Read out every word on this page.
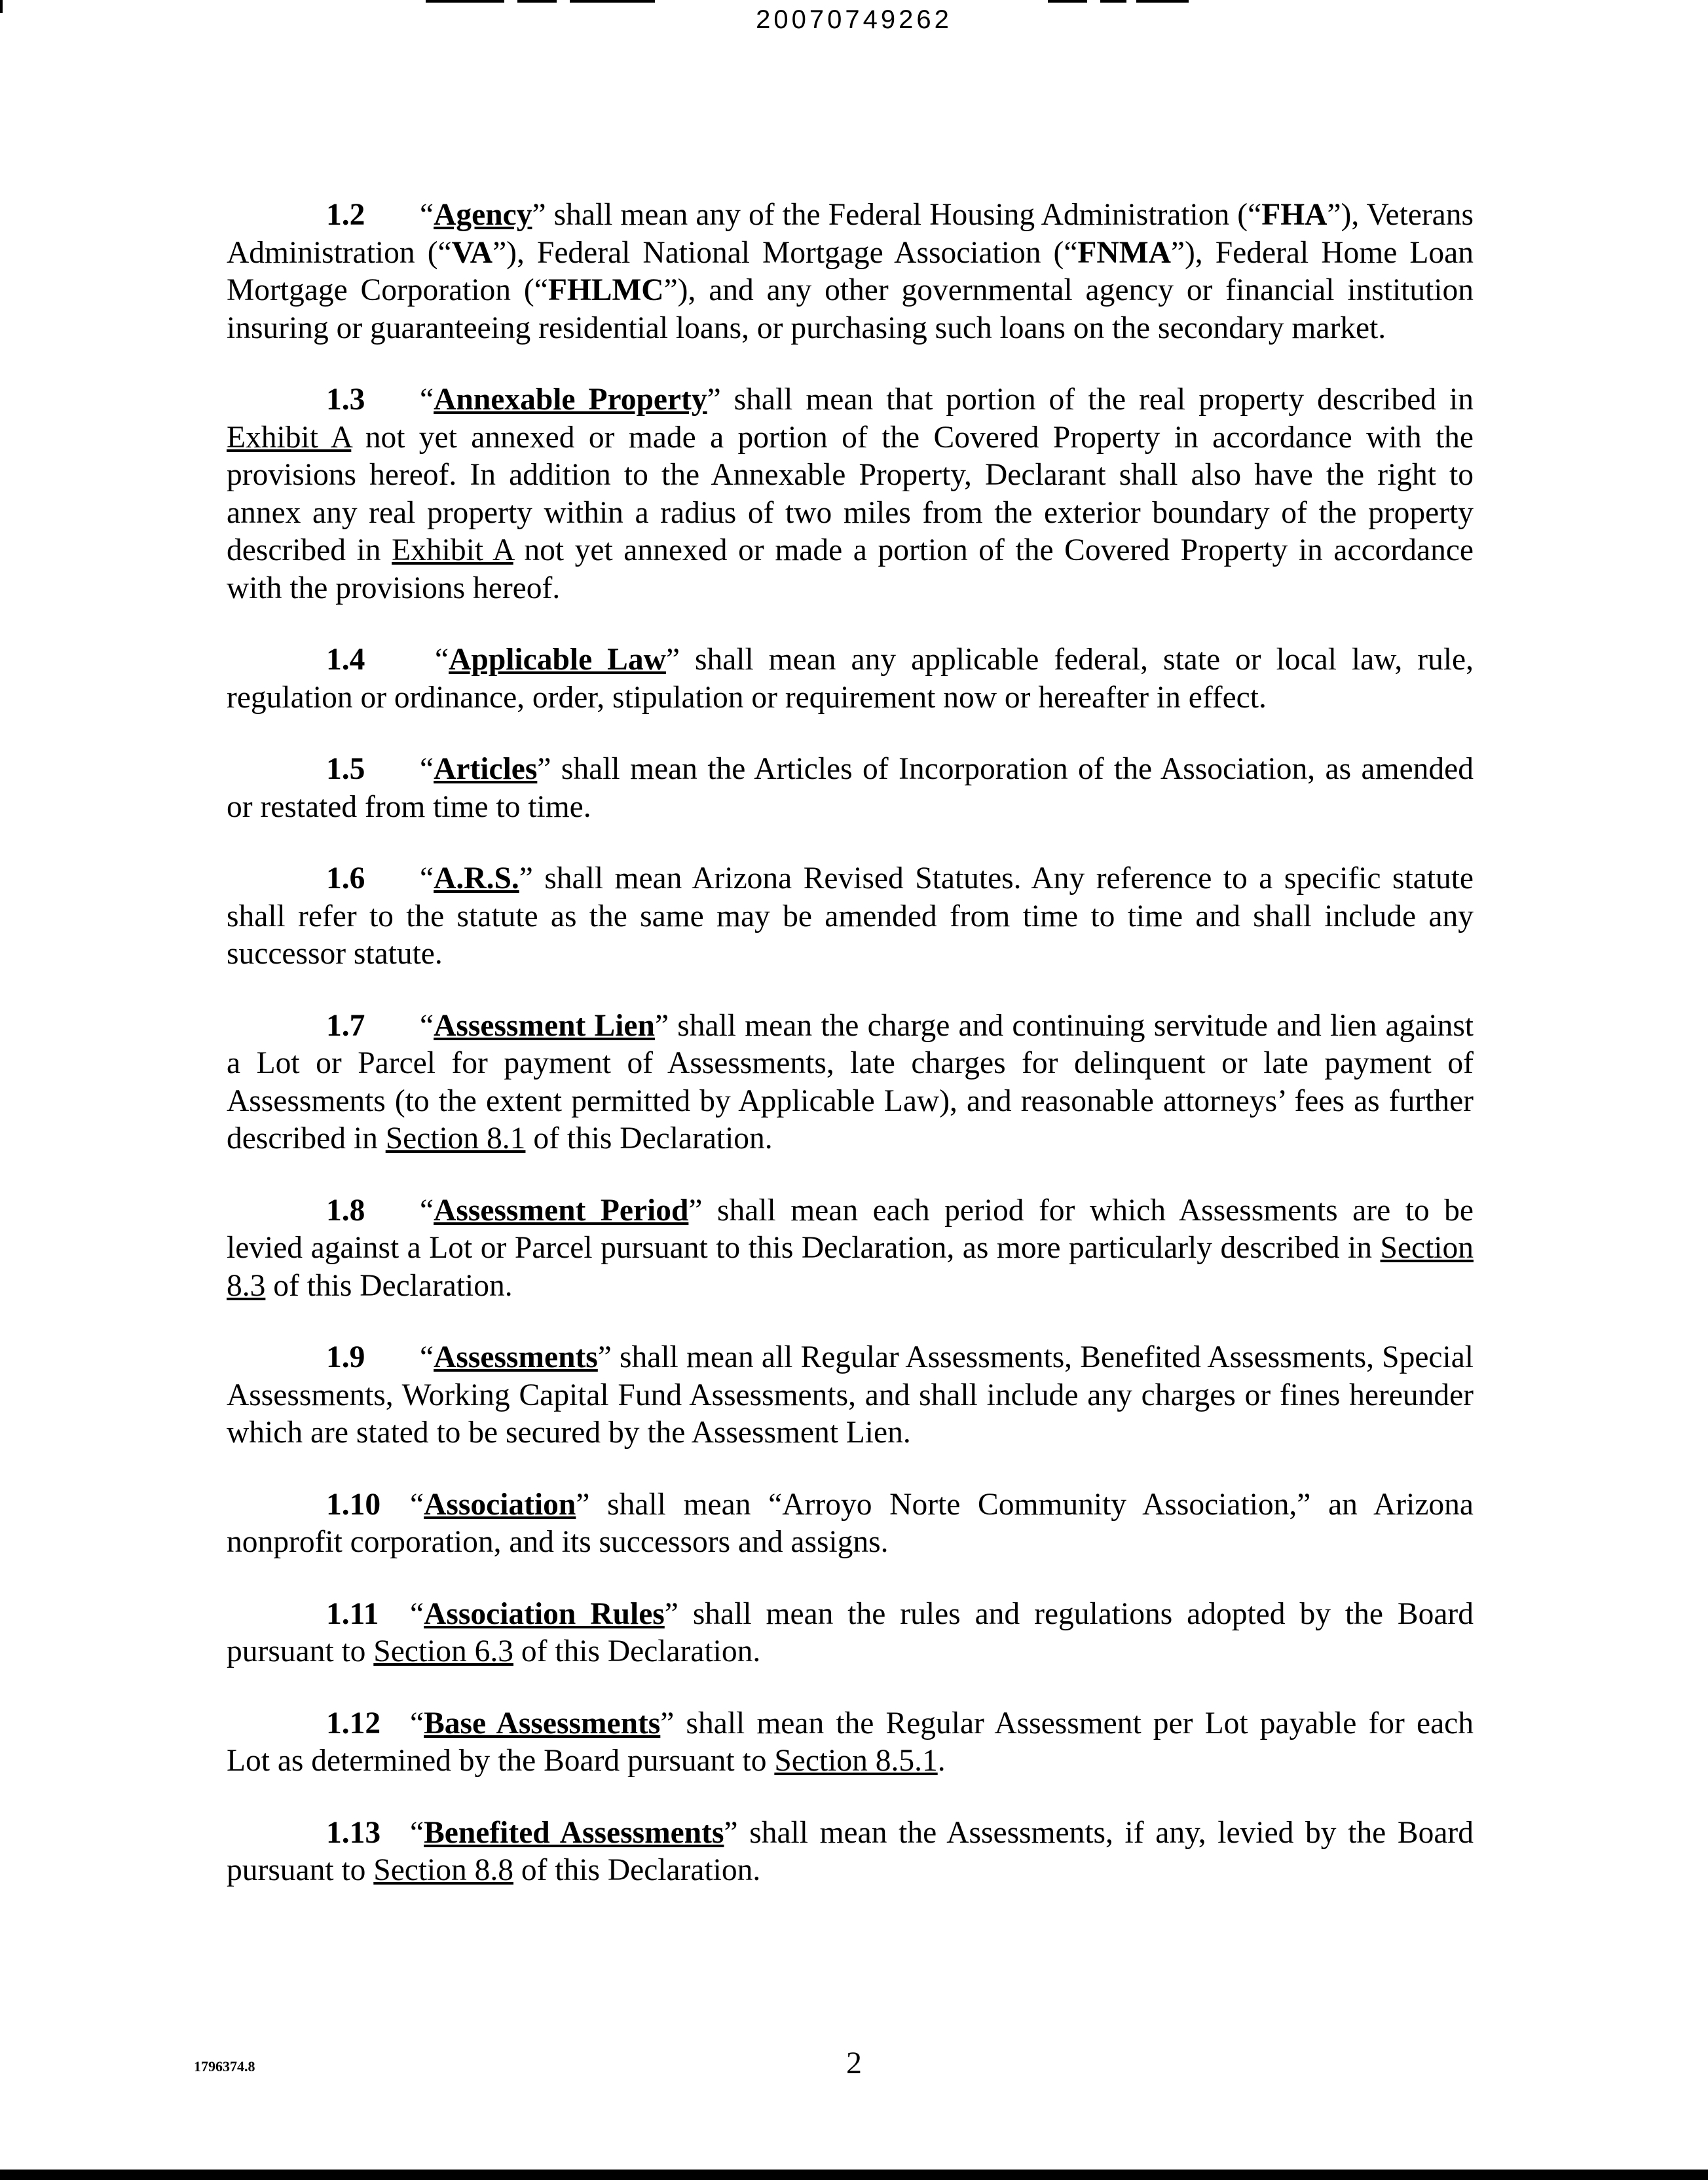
20070749262

1.2 “Agency” shall mean any of the Federal Housing Administration (“FHA”), Veterans Administration (“VA”), Federal National Mortgage Association (“FNMA”), Federal Home Loan Mortgage Corporation (“FHLMC”), and any other governmental agency or financial institution insuring or guaranteeing residential loans, or purchasing such loans on the secondary market.

1.3 “Annexable Property” shall mean that portion of the real property described in Exhibit A not yet annexed or made a portion of the Covered Property in accordance with the provisions hereof. In addition to the Annexable Property, Declarant shall also have the right to annex any real property within a radius of two miles from the exterior boundary of the property described in Exhibit A not yet annexed or made a portion of the Covered Property in accordance with the provisions hereof.

1.4 “Applicable Law” shall mean any applicable federal, state or local law, rule, regulation or ordinance, order, stipulation or requirement now or hereafter in effect.

1.5 “Articles” shall mean the Articles of Incorporation of the Association, as amended or restated from time to time.

1.6 “A.R.S.” shall mean Arizona Revised Statutes. Any reference to a specific statute shall refer to the statute as the same may be amended from time to time and shall include any successor statute.

1.7 “Assessment Lien” shall mean the charge and continuing servitude and lien against a Lot or Parcel for payment of Assessments, late charges for delinquent or late payment of Assessments (to the extent permitted by Applicable Law), and reasonable attorneys’ fees as further described in Section 8.1 of this Declaration.

1.8 “Assessment Period” shall mean each period for which Assessments are to be levied against a Lot or Parcel pursuant to this Declaration, as more particularly described in Section 8.3 of this Declaration.

1.9 “Assessments” shall mean all Regular Assessments, Benefited Assessments, Special Assessments, Working Capital Fund Assessments, and shall include any charges or fines hereunder which are stated to be secured by the Assessment Lien.

1.10 “Association” shall mean “Arroyo Norte Community Association,” an Arizona nonprofit corporation, and its successors and assigns.

1.11 “Association Rules” shall mean the rules and regulations adopted by the Board pursuant to Section 6.3 of this Declaration.

1.12 “Base Assessments” shall mean the Regular Assessment per Lot payable for each Lot as determined by the Board pursuant to Section 8.5.1.

1.13 “Benefited Assessments” shall mean the Assessments, if any, levied by the Board pursuant to Section 8.8 of this Declaration.

1796374.8	2
